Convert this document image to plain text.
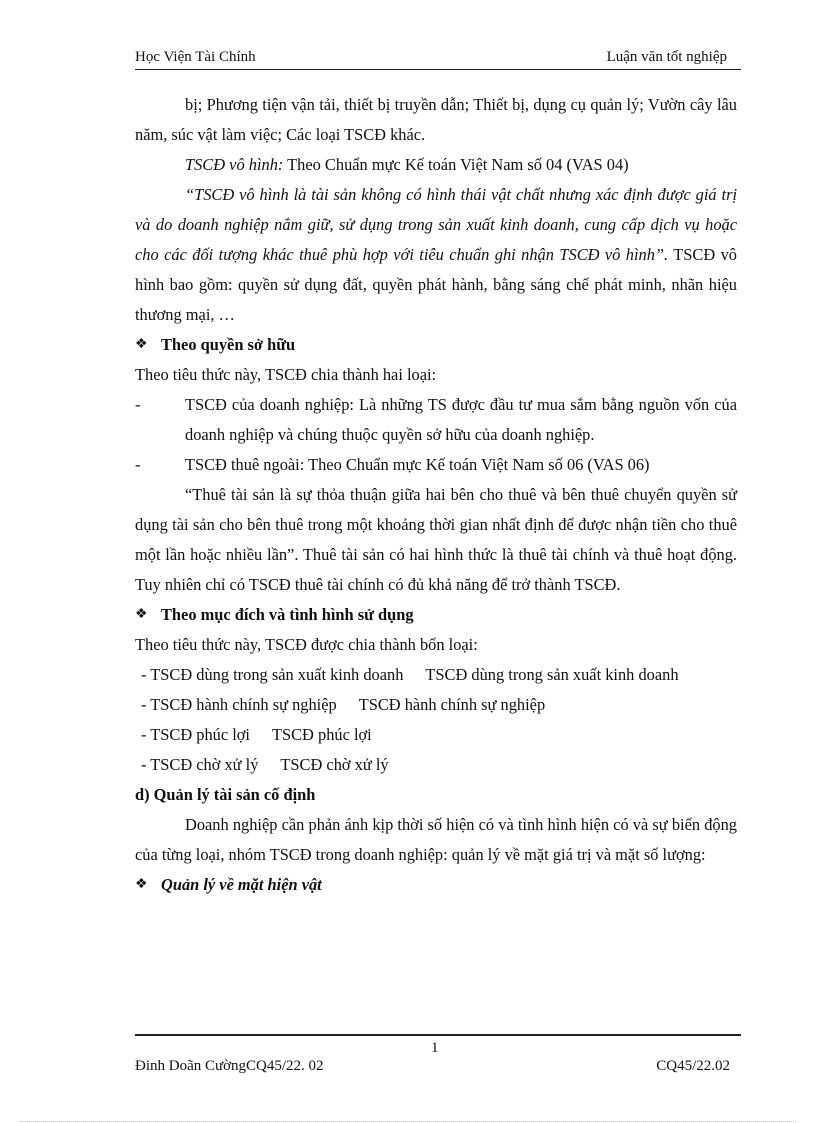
Học Viện Tài Chính	Luận văn tốt nghiệp

bị; Phương tiện vận tải, thiết bị truyền dẫn; Thiết bị, dụng cụ quản lý; Vườn cây lâu năm, súc vật làm việc; Các loại TSCĐ khác.

TSCĐ vô hình: Theo Chuẩn mực Kế toán Việt Nam số 04 (VAS 04)

“TSCĐ vô hình là tài sản không có hình thái vật chất nhưng xác định được giá trị và do doanh nghiệp nắm giữ, sử dụng trong sản xuất kinh doanh, cung cấp dịch vụ hoặc cho các đối tượng khác thuê phù hợp với tiêu chuẩn ghi nhận TSCĐ vô hình”. TSCĐ vô hình bao gồm: quyền sử dụng đất, quyền phát hành, bằng sáng chế phát minh, nhãn hiệu thương mại, …

❖ Theo quyền sở hữu

Theo tiêu thức này, TSCĐ chia thành hai loại:

-	TSCĐ của doanh nghiệp: Là những TS được đầu tư mua sắm bằng nguồn vốn của doanh nghiệp và chúng thuộc quyền sở hữu của doanh nghiệp.
-	TSCĐ thuê ngoài: Theo Chuẩn mực Kế toán Việt Nam số 06 (VAS 06)

“Thuê tài sản là sự thỏa thuận giữa hai bên cho thuê và bên thuê chuyển quyền sử dụng tài sản cho bên thuê trong một khoảng thời gian nhất định để được nhận tiền cho thuê một lần hoặc nhiều lần”. Thuê tài sản có hai hình thức là thuê tài chính và thuê hoạt động. Tuy nhiên chỉ có TSCĐ thuê tài chính có đủ khả năng để trở thành TSCĐ.

❖ Theo mục đích và tình hình sử dụng

Theo tiêu thức này, TSCĐ được chia thành bốn loại:

- TSCĐ dùng trong sản xuất kinh doanh TSCĐ dùng trong sản xuất kinh doanh

- TSCĐ hành chính sự nghiệp TSCĐ hành chính sự nghiệp

- TSCĐ phúc lợi TSCĐ phúc lợi

- TSCĐ chờ xử lý TSCĐ chờ xử lý

d) Quản lý tài sản cố định

Doanh nghiệp cần phản ánh kịp thời số hiện có và tình hình hiện có và sự biến động của từng loại, nhóm TSCĐ trong doanh nghiệp: quản lý về mặt giá trị và mặt số lượng:

❖ Quản lý về mặt hiện vật

1
Đinh Doãn CườngCQ45/22. 02	CQ45/22.02
